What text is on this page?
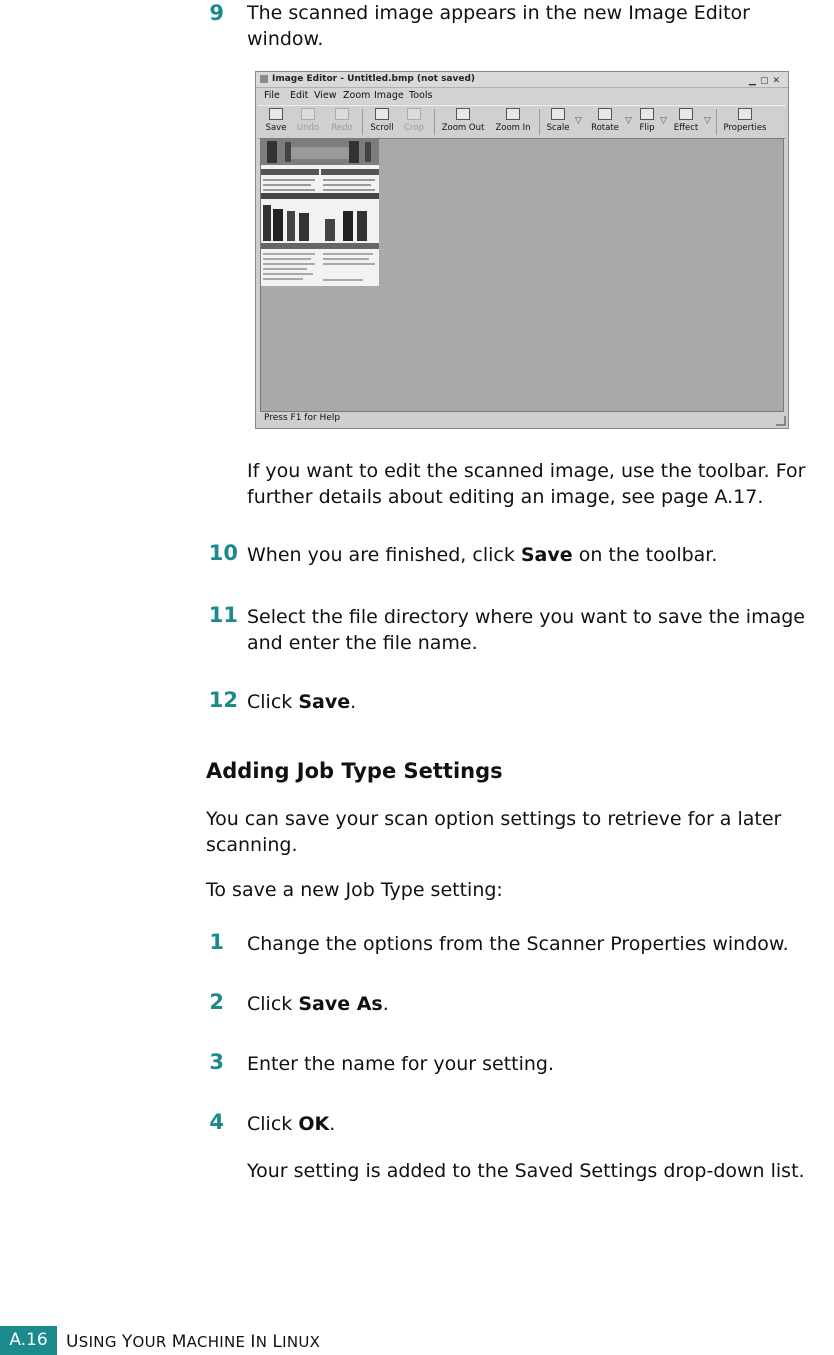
9 The scanned image appears in the new Image Editor window.
Image Editor - Untitled.bmp (not saved)	▁▢✕
File Edit View Zoom Image Tools
Save	Undo	Redo	Scroll	Crop	Zoom Out	Zoom In	Scale
▽
Rotate
▽
Flip
▽
Effect
▽
Properties
Press F1 for Help
If you want to edit the scanned image, use the toolbar. For further details about editing an image, see page A.17.
10 When you are finished, click Save on the toolbar.
11 Select the file directory where you want to save the image and enter the file name.
12 Click Save.
Adding Job Type Settings
You can save your scan option settings to retrieve for a later scanning.
To save a new Job Type setting:
1 Change the options from the Scanner Properties window.
2 Click Save As.
3 Enter the name for your setting.
4 Click OK.
Your setting is added to the Saved Settings drop-down list.
A.16	USING YOUR MACHINE IN LINUX
